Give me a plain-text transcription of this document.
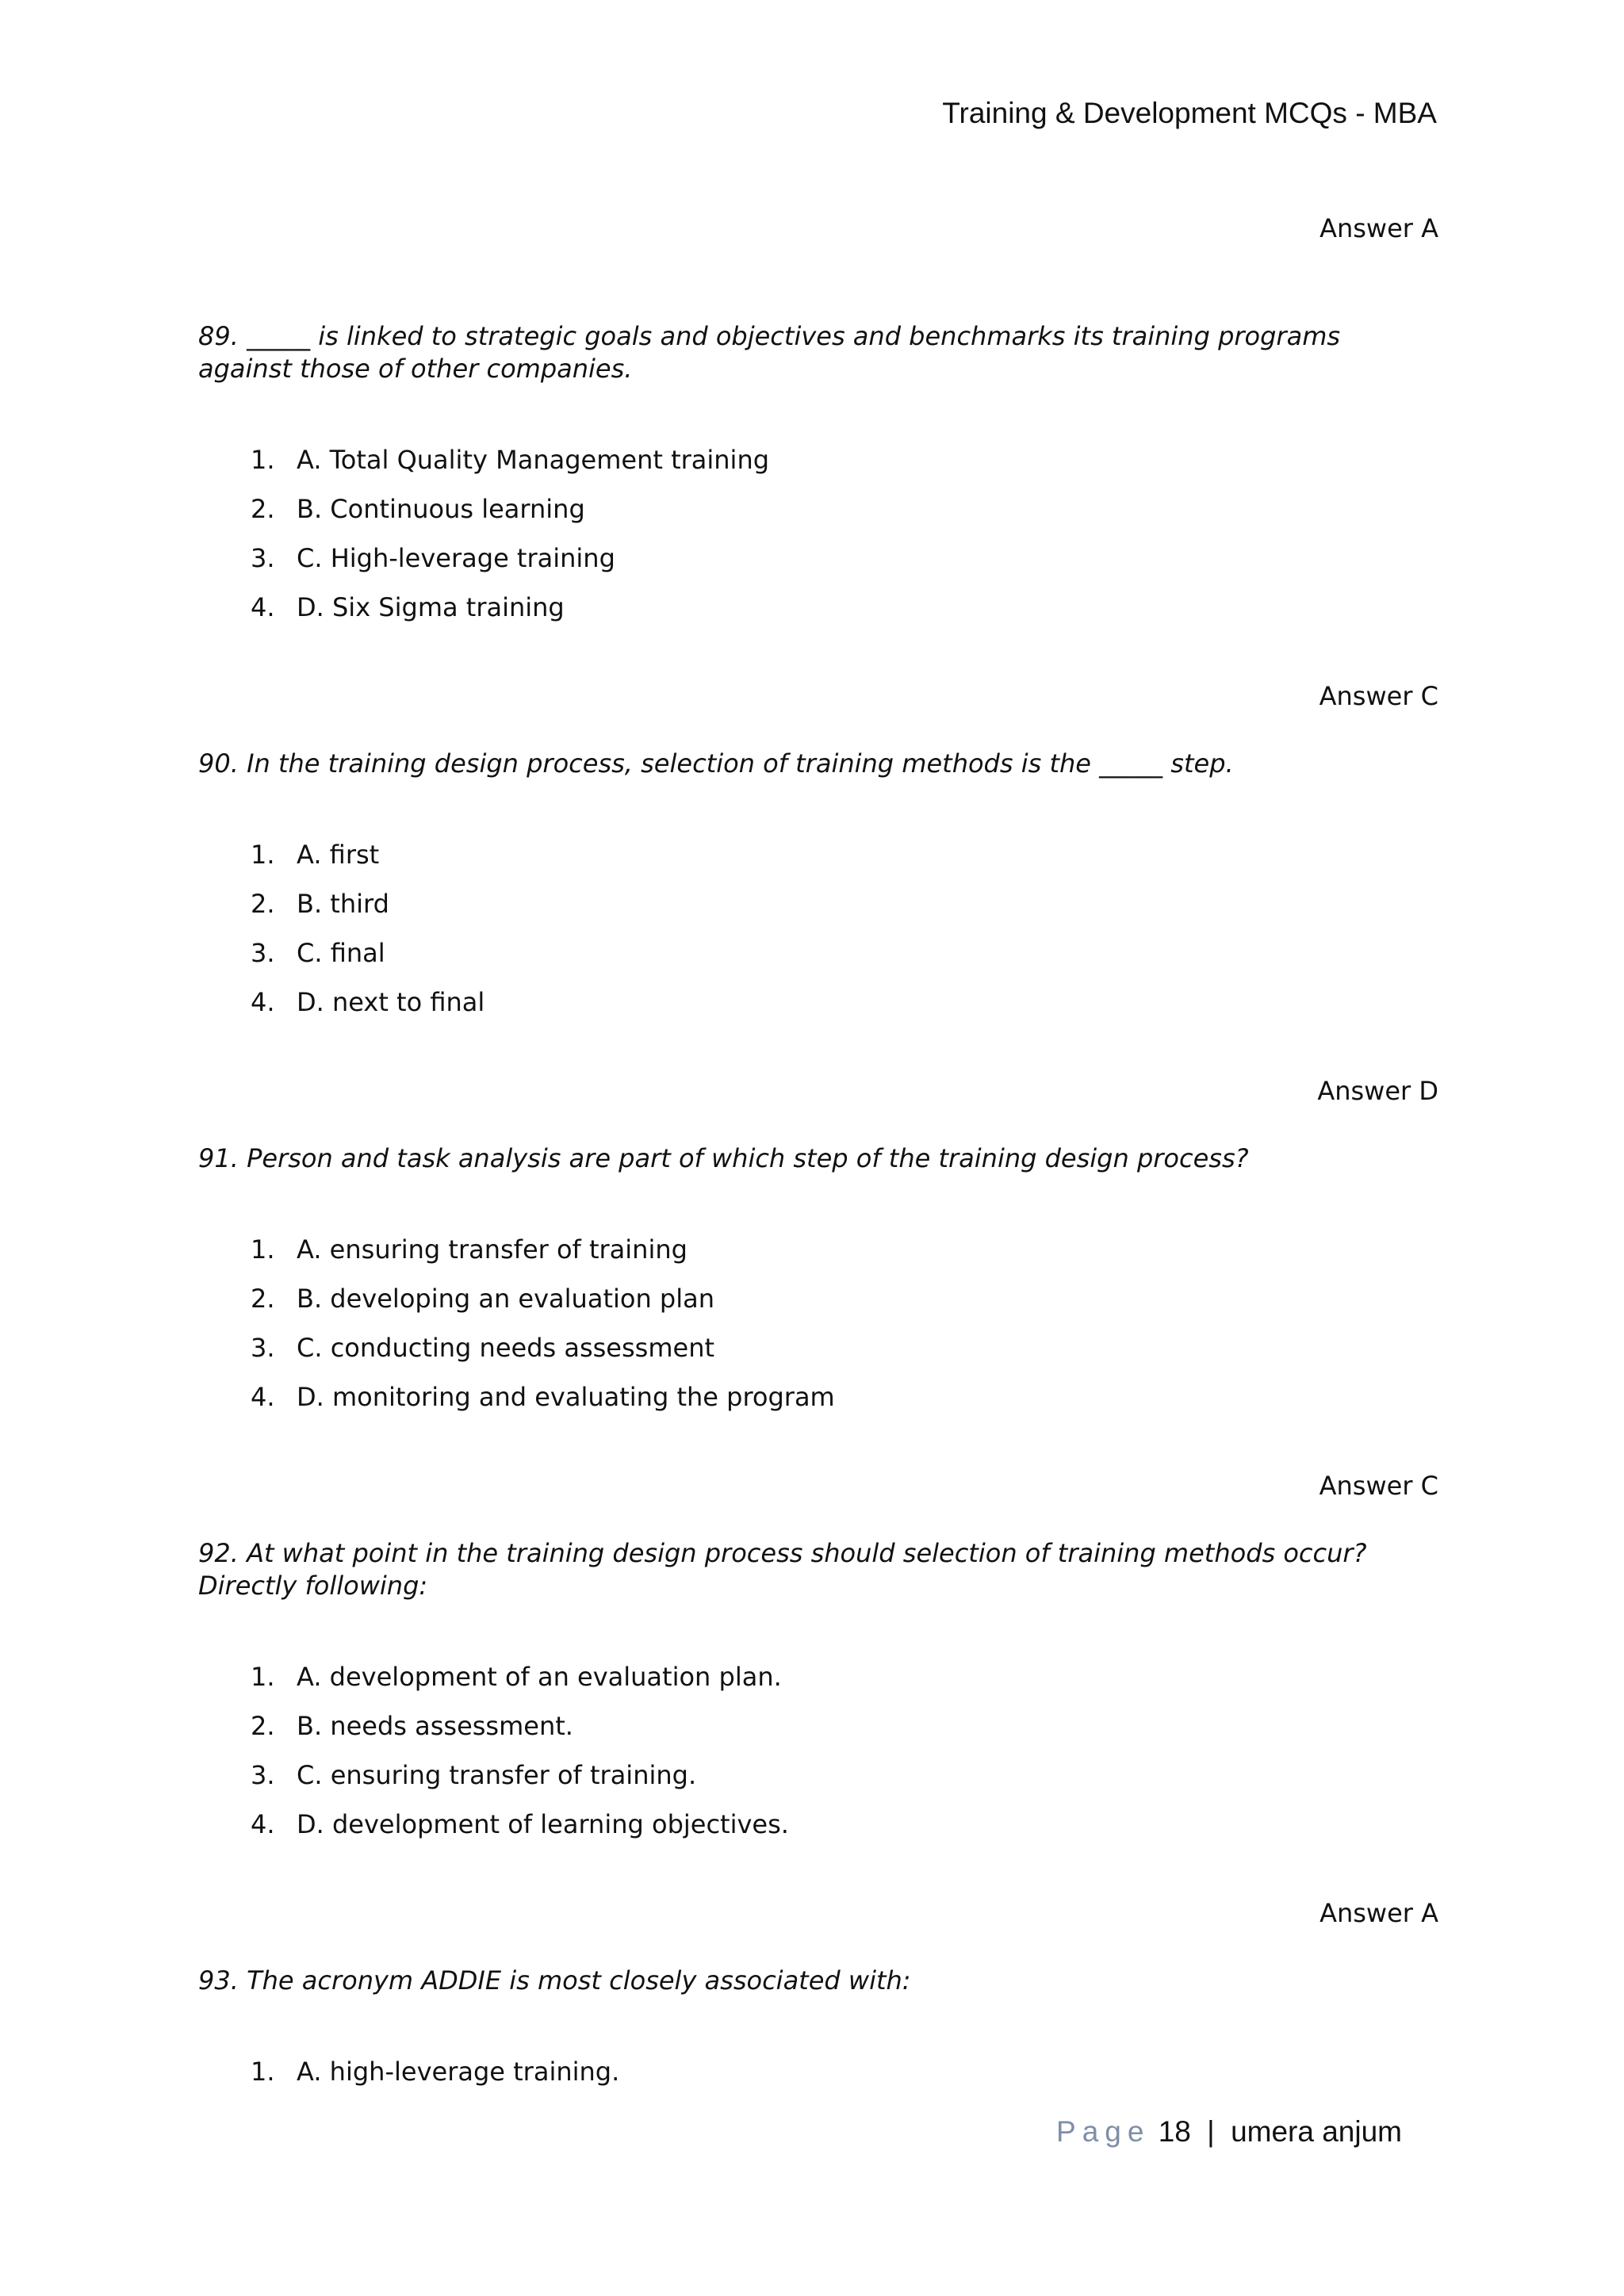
Training & Development MCQs - MBA

Answer A

89. _____ is linked to strategic goals and objectives and benchmarks its training programs against those of other companies.

1. A. Total Quality Management training
2. B. Continuous learning
3. C. High-leverage training
4. D. Six Sigma training

Answer C

90. In the training design process, selection of training methods is the _____ step.

1. A. first
2. B. third
3. C. final
4. D. next to final

Answer D

91. Person and task analysis are part of which step of the training design process?

1. A. ensuring transfer of training
2. B. developing an evaluation plan
3. C. conducting needs assessment
4. D. monitoring and evaluating the program

Answer C

92. At what point in the training design process should selection of training methods occur? Directly following:

1. A. development of an evaluation plan.
2. B. needs assessment.
3. C. ensuring transfer of training.
4. D. development of learning objectives.

Answer A

93. The acronym ADDIE is most closely associated with:

1. A. high-leverage training.
Page 18 | umera anjum
